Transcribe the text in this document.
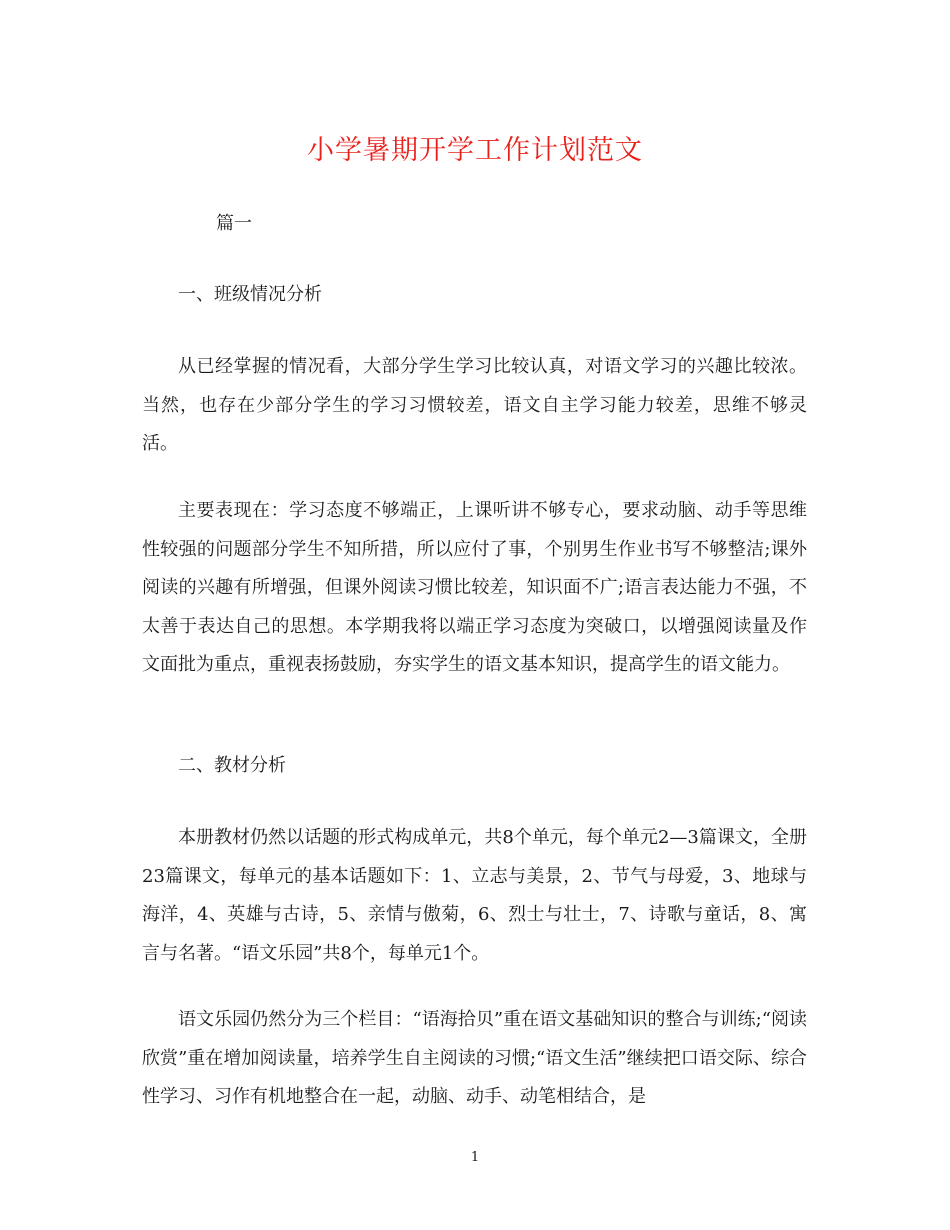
小学暑期开学工作计划范文

篇一

一、班级情况分析

从已经掌握的情况看，大部分学生学习比较认真，对语文学习的兴趣比较浓。当然，也存在少部分学生的学习习惯较差，语文自主学习能力较差，思维不够灵活。

主要表现在：学习态度不够端正，上课听讲不够专心，要求动脑、动手等思维性较强的问题部分学生不知所措，所以应付了事，个别男生作业书写不够整洁;课外阅读的兴趣有所增强，但课外阅读习惯比较差，知识面不广;语言表达能力不强，不太善于表达自己的思想。本学期我将以端正学习态度为突破口，以增强阅读量及作文面批为重点，重视表扬鼓励，夯实学生的语文基本知识，提高学生的语文能力。

二、教材分析

本册教材仍然以话题的形式构成单元，共8个单元，每个单元2—3篇课文，全册23篇课文，每单元的基本话题如下：1、立志与美景，2、节气与母爱，3、地球与海洋，4、英雄与古诗，5、亲情与傲菊，6、烈士与壮士，7、诗歌与童话，8、寓言与名著。“语文乐园”共8个，每单元1个。

语文乐园仍然分为三个栏目：“语海拾贝”重在语文基础知识的整合与训练;“阅读欣赏”重在增加阅读量，培养学生自主阅读的习惯;“语文生活”继续把口语交际、综合性学习、习作有机地整合在一起，动脑、动手、动笔相结合，是

1
